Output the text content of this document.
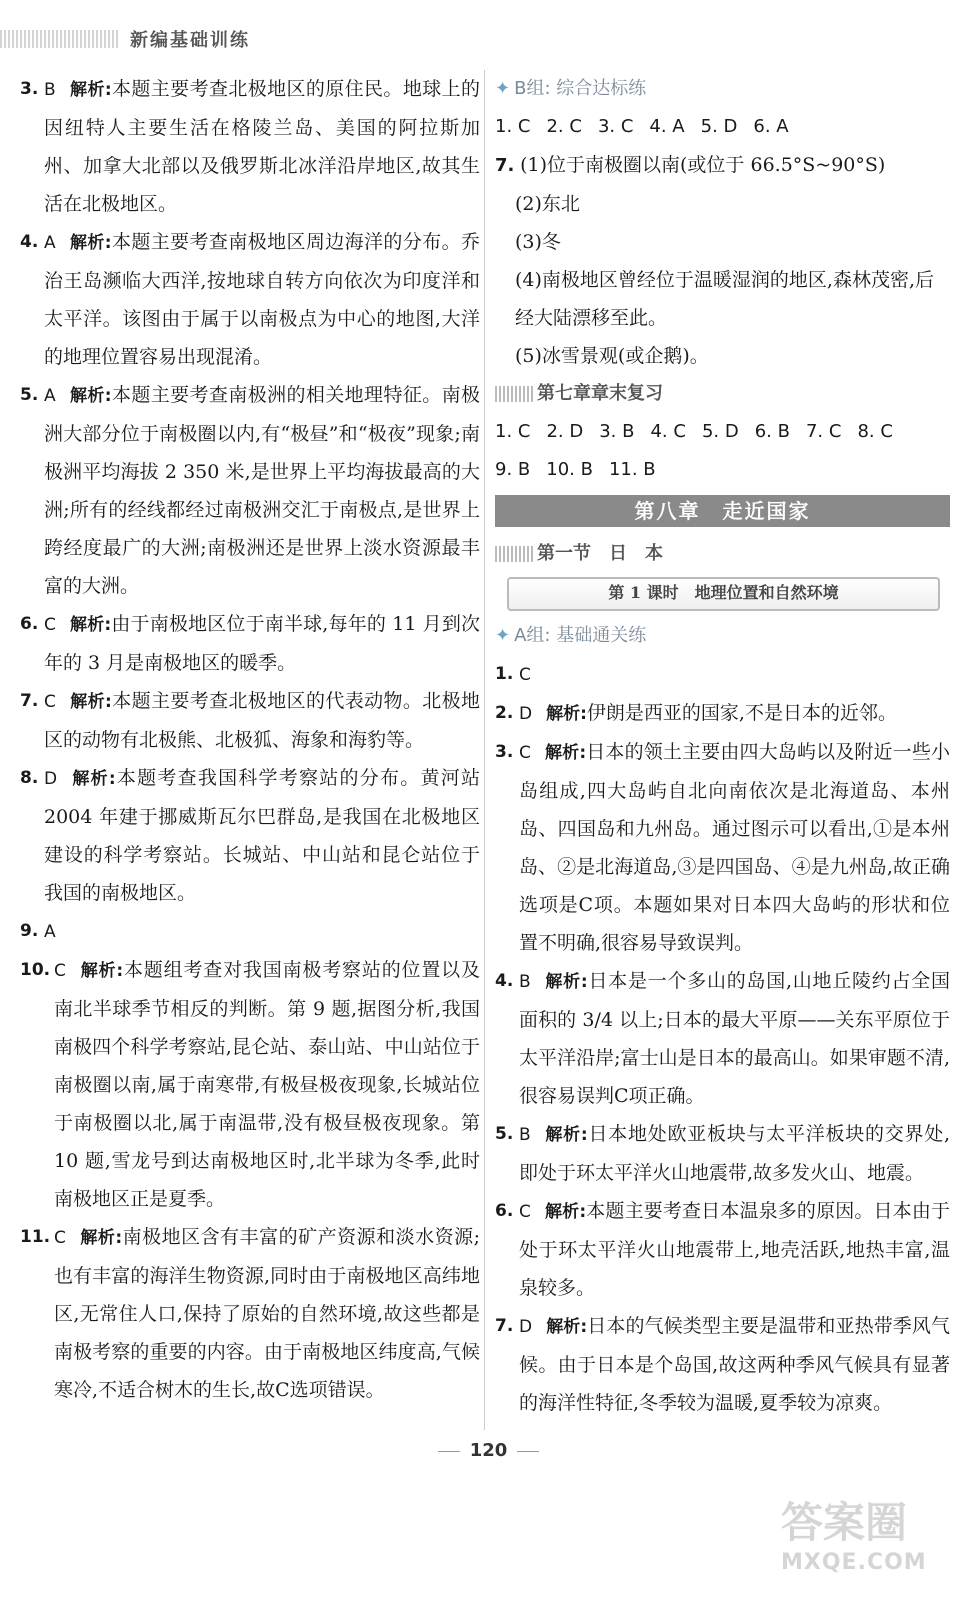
新编基础训练
3. B 解析:本题主要考查北极地区的原住民。地球上的因纽特人主要生活在格陵兰岛、美国的阿拉斯加州、加拿大北部以及俄罗斯北冰洋沿岸地区,故其生活在北极地区。
4. A 解析:本题主要考查南极地区周边海洋的分布。乔治王岛濒临大西洋,按地球自转方向依次为印度洋和太平洋。该图由于属于以南极点为中心的地图,大洋的地理位置容易出现混淆。
5. A 解析:本题主要考查南极洲的相关地理特征。南极洲大部分位于南极圈以内,有“极昼”和“极夜”现象;南极洲平均海拔 2 350 米,是世界上平均海拔最高的大洲;所有的经线都经过南极洲交汇于南极点,是世界上跨经度最广的大洲;南极洲还是世界上淡水资源最丰富的大洲。
6. C 解析:由于南极地区位于南半球,每年的 11 月到次年的 3 月是南极地区的暖季。
7. C 解析:本题主要考查北极地区的代表动物。北极地区的动物有北极熊、北极狐、海象和海豹等。
8. D 解析:本题考查我国科学考察站的分布。黄河站 2004 年建于挪威斯瓦尔巴群岛,是我国在北极地区建设的科学考察站。长城站、中山站和昆仑站位于我国的南极地区。
9. A
10. C 解析:本题组考查对我国南极考察站的位置以及南北半球季节相反的判断。第 9 题,据图分析,我国南极四个科学考察站,昆仑站、泰山站、中山站位于南极圈以南,属于南寒带,有极昼极夜现象,长城站位于南极圈以北,属于南温带,没有极昼极夜现象。第 10 题,雪龙号到达南极地区时,北半球为冬季,此时南极地区正是夏季。
11. C 解析:南极地区含有丰富的矿产资源和淡水资源;也有丰富的海洋生物资源,同时由于南极地区高纬地区,无常住人口,保持了原始的自然环境,故这些都是南极考察的重要的内容。由于南极地区纬度高,气候寒冷,不适合树木的生长,故C选项错误。
✦ B组: 综合达标练
1. C 2. C 3. C 4. A 5. D 6. A
7. (1)位于南极圈以南(或位于 66.5°S~90°S)
(2)东北
(3)冬
(4)南极地区曾经位于温暖湿润的地区,森林茂密,后经大陆漂移至此。
(5)冰雪景观(或企鹅)。
第七章章末复习
1. C 2. D 3. B 4. C 5. D 6. B 7. C 8. C
9. B 10. B 11. B
第八章　走近国家
第一节　日　本
第 1 课时　地理位置和自然环境
✦ A组: 基础通关练
1. C
2. D 解析:伊朗是西亚的国家,不是日本的近邻。
3. C 解析:日本的领土主要由四大岛屿以及附近一些小岛组成,四大岛屿自北向南依次是北海道岛、本州岛、四国岛和九州岛。通过图示可以看出,①是本州岛、②是北海道岛,③是四国岛、④是九州岛,故正确选项是C项。本题如果对日本四大岛屿的形状和位置不明确,很容易导致误判。
4. B 解析:日本是一个多山的岛国,山地丘陵约占全国面积的 3/4 以上;日本的最大平原——关东平原位于太平洋沿岸;富士山是日本的最高山。如果审题不清,很容易误判C项正确。
5. B 解析:日本地处欧亚板块与太平洋板块的交界处,即处于环太平洋火山地震带,故多发火山、地震。
6. C 解析:本题主要考查日本温泉多的原因。日本由于处于环太平洋火山地震带上,地壳活跃,地热丰富,温泉较多。
7. D 解析:日本的气候类型主要是温带和亚热带季风气候。由于日本是个岛国,故这两种季风气候具有显著的海洋性特征,冬季较为温暖,夏季较为凉爽。
120
答案圈
MXQE.COM
